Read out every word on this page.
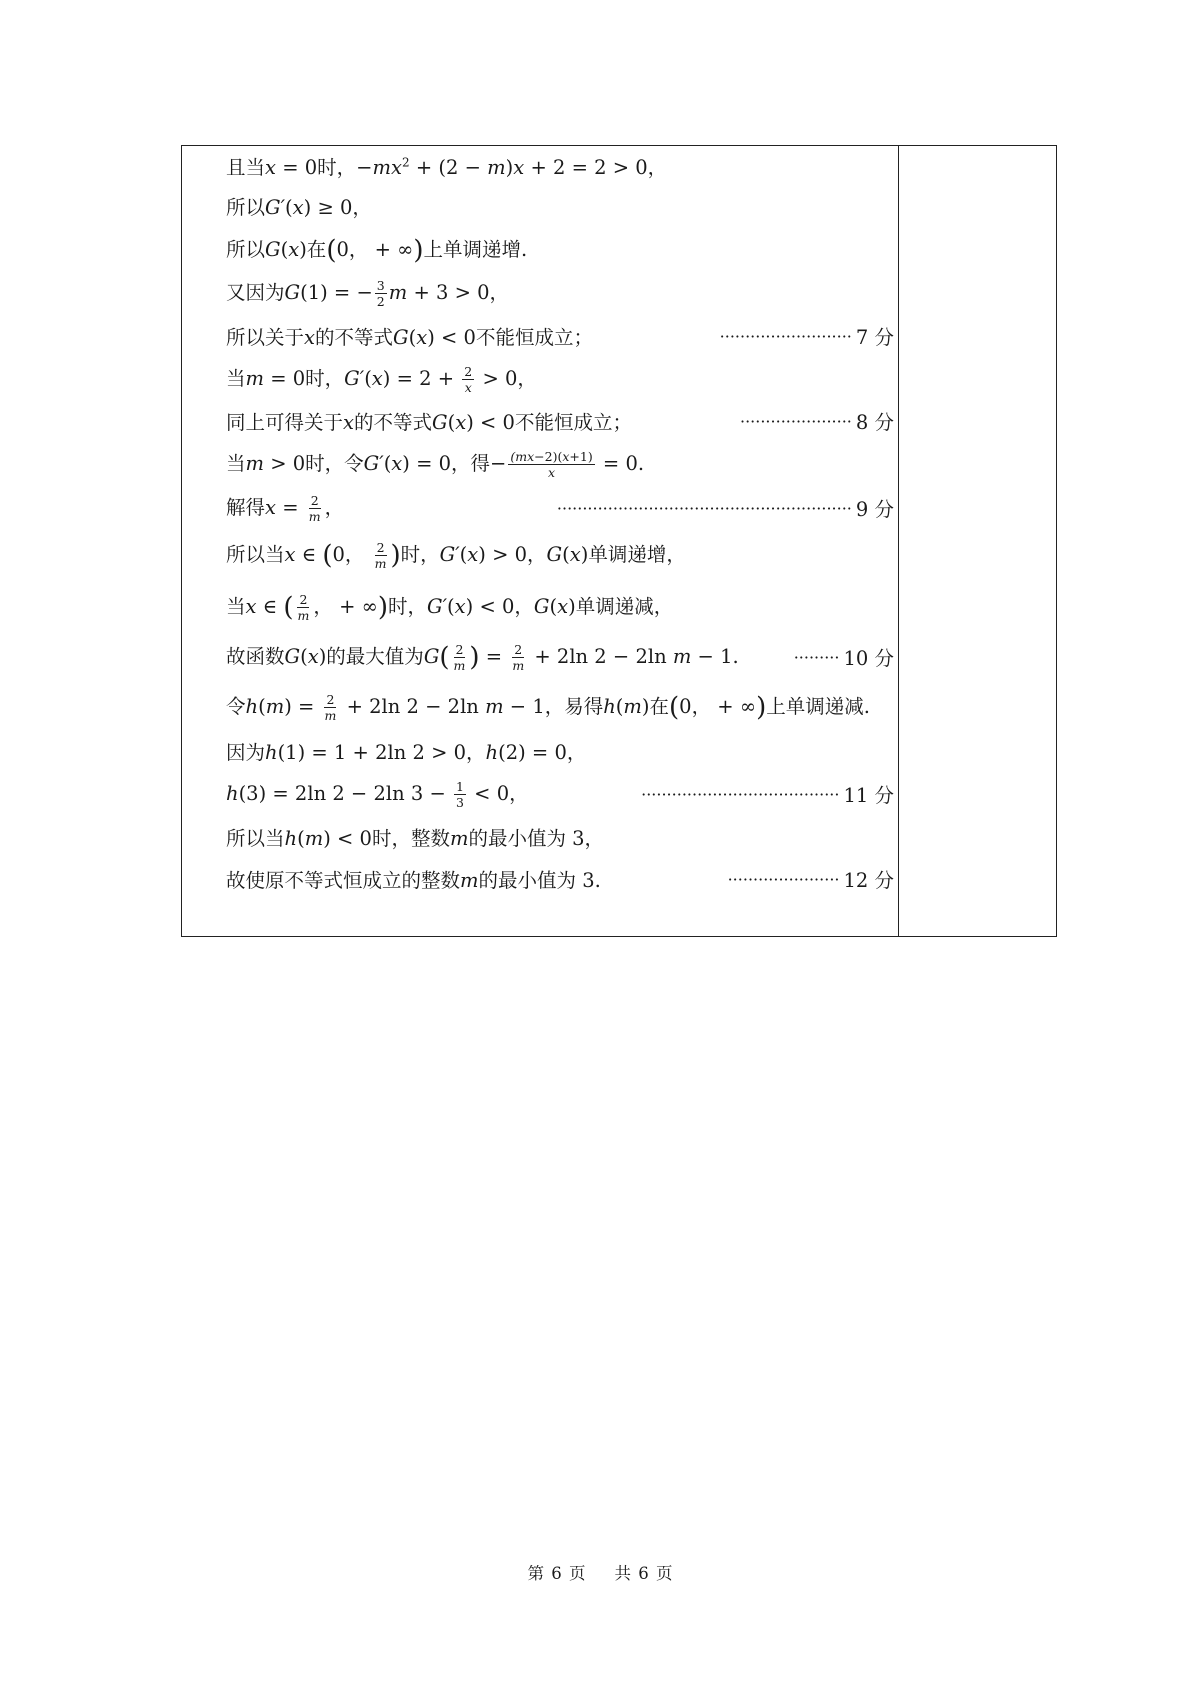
且当x = 0时，$-mx^2 + (2 - m)x + 2 = 2 > 0$，
所以G′(x) ≥ 0，
所以G(x)在(0， + ∞)上单调递增.
又因为G(1) = − $\frac{3}{2}$ m + 3 > 0，
所以关于x的不等式G(x) < 0不能恒成立；	·························· 7 分
当m = 0时，$G'(x) = 2 + \frac{2}{x} > 0$，
同上可得关于x的不等式G(x) < 0不能恒成立；	······················ 8 分
当m > 0时，令G′(x) = 0，得− $\frac{(mx-2)(x+1)}{x} = 0$.
解得$x = \frac{2}{m}$ ，	·························································· 9 分
所以当x ∈ (0， $\frac{2}{m}$ )时，G′(x) > 0，G(x)单调递增，
当x ∈ ( $\frac{2}{m}$ ， + ∞)时，G′(x) < 0，G(x)单调递减，
故函数G(x)的最大值为$G( \frac{2}{m}$ ) = $\frac{2}{m} + 2\ln$ 2 − 2ln m − 1.	········· 10 分
令$h(m) = \frac{2}{m} + 2\ln$ 2 − 2ln m − 1，易得h(m)在(0， + ∞)上单调递减.
因为h(1) = 1 + 2ln 2 > 0，h(2) = 0，
h(3) = 2ln 2 − 2ln $3 - \frac{1}{3} < 0$，	······································· 11 分
所以当h(m) < 0时，整数m的最小值为 3，
故使原不等式恒成立的整数m的最小值为 3.	······················ 12 分
第 6 页 共 6 页
